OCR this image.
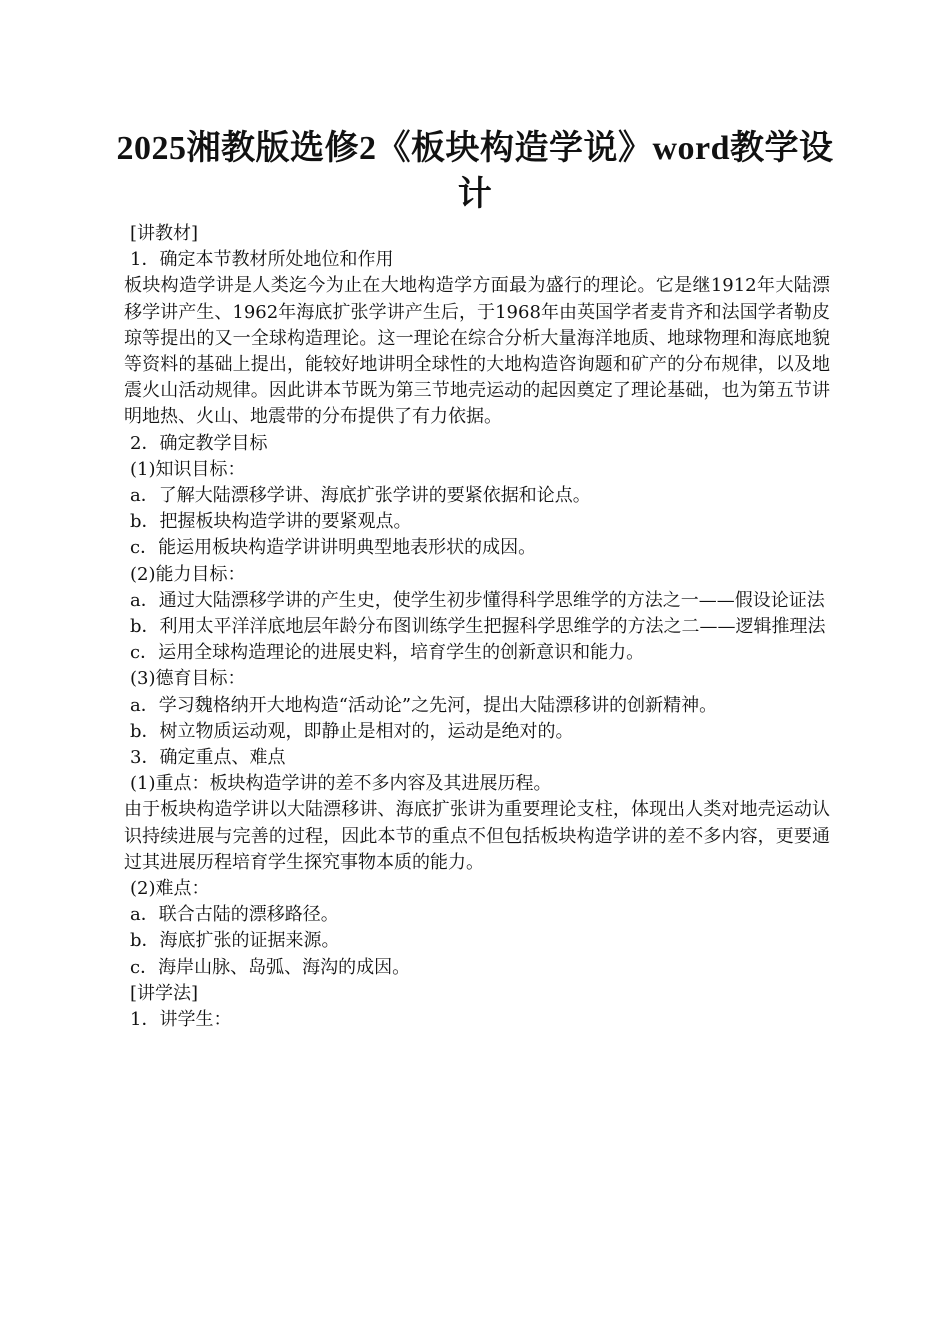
2025湘教版选修2《板块构造学说》word教学设计

[讲教材]

1．确定本节教材所处地位和作用

板块构造学讲是人类迄今为止在大地构造学方面最为盛行的理论。它是继1912年大陆漂移学讲产生、1962年海底扩张学讲产生后，于1968年由英国学者麦肯齐和法国学者勒皮琼等提出的又一全球构造理论。这一理论在综合分析大量海洋地质、地球物理和海底地貌等资料的基础上提出，能较好地讲明全球性的大地构造咨询题和矿产的分布规律，以及地震火山活动规律。因此讲本节既为第三节地壳运动的起因奠定了理论基础，也为第五节讲明地热、火山、地震带的分布提供了有力依据。

2．确定教学目标

(1)知识目标：

a．了解大陆漂移学讲、海底扩张学讲的要紧依据和论点。

b．把握板块构造学讲的要紧观点。

c．能运用板块构造学讲讲明典型地表形状的成因。

(2)能力目标：

a．通过大陆漂移学讲的产生史，使学生初步懂得科学思维学的方法之一——假设论证法

b．利用太平洋洋底地层年龄分布图训练学生把握科学思维学的方法之二——逻辑推理法

c．运用全球构造理论的进展史料，培育学生的创新意识和能力。

(3)德育目标：

a．学习魏格纳开大地构造“活动论”之先河，提出大陆漂移讲的创新精神。

b．树立物质运动观，即静止是相对的，运动是绝对的。

3．确定重点、难点

(1)重点：板块构造学讲的差不多内容及其进展历程。

由于板块构造学讲以大陆漂移讲、海底扩张讲为重要理论支柱，体现出人类对地壳运动认识持续进展与完善的过程，因此本节的重点不但包括板块构造学讲的差不多内容，更要通过其进展历程培育学生探究事物本质的能力。

(2)难点：

a．联合古陆的漂移路径。

b．海底扩张的证据来源。

c．海岸山脉、岛弧、海沟的成因。

[讲学法]

1．讲学生：
